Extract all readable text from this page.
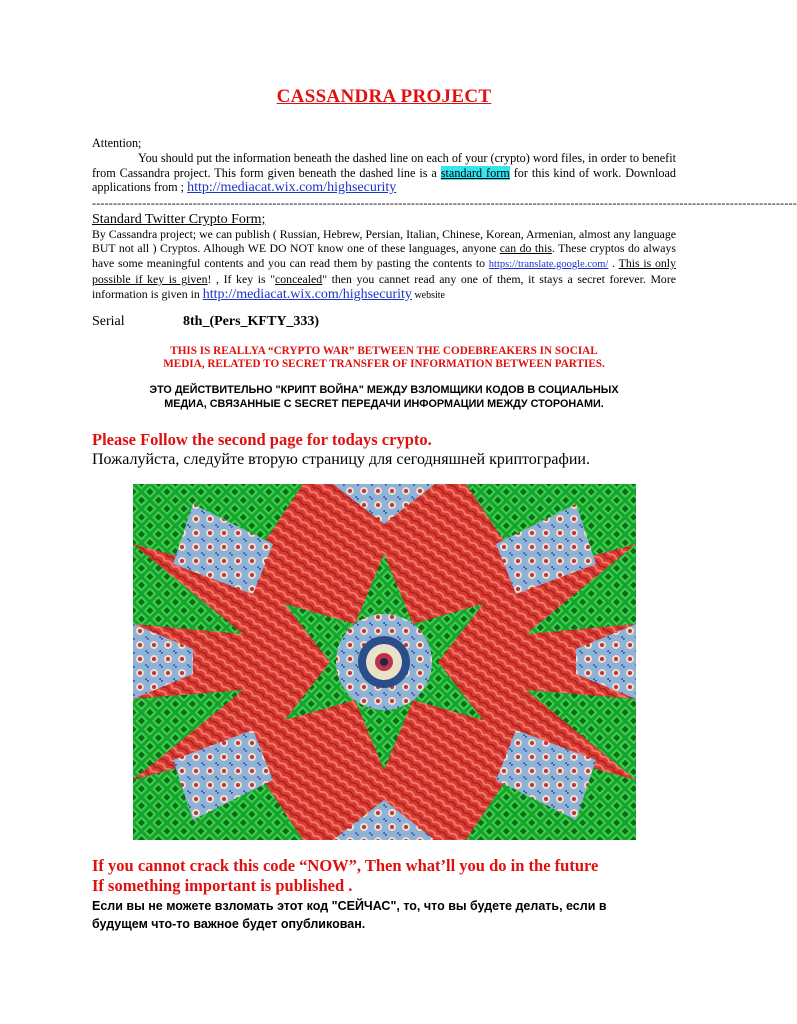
CASSANDRA PROJECT
Attention;
You should put the information beneath the dashed line on each of your (crypto) word files, in order to benefit from Cassandra project. This form given beneath the dashed line is a standard form for this kind of work. Download applications from ; http://mediacat.wix.com/highsecurity
------------------------------------------------------------------------------------------------------------------------------------------------------------------------
Standard Twitter Crypto Form;
By Cassandra project; we can publish ( Russian, Hebrew, Persian, Italian, Chinese, Korean, Armenian, almost any language BUT not all ) Cryptos. Alhough WE DO NOT know one of these languages, anyone can do this. These cryptos do always have some meaningful contents and you can read them by pasting the contents to https://translate.google.com/ . This is only possible if key is given! , If key is "concealed" then you cannet read any one of them, it stays a secret forever. More information is given in http://mediacat.wix.com/highsecurity website
Serial	8th_(Pers_KFTY_333)
THIS IS REALLYA “CRYPTO WAR” BETWEEN THE CODEBREAKERS IN SOCIAL
MEDIA, RELATED TO SECRET TRANSFER OF INFORMATION BETWEEN PARTIES.
ЭТО ДЕЙСТВИТЕЛЬНО "КРИПТ ВОЙНА" МЕЖДУ ВЗЛОМЩИКИ КОДОВ В СОЦИАЛЬНЫХ
МЕДИА, СВЯЗАННЫЕ С SECRET ПЕРЕДАЧИ ИНФОРМАЦИИ МЕЖДУ СТОРОНАМИ.
Please Follow the second page for todays crypto.
Пожалуйста, следуйте вторую страницу для сегодняшней криптографии.
If you cannot crack this code “NOW”, Then what’ll you do in the future
If something important is published .
Если вы не можете взломать этот код "СЕЙЧАС", то, что вы будете делать, если в
будущем что-то важное будет опубликован.
